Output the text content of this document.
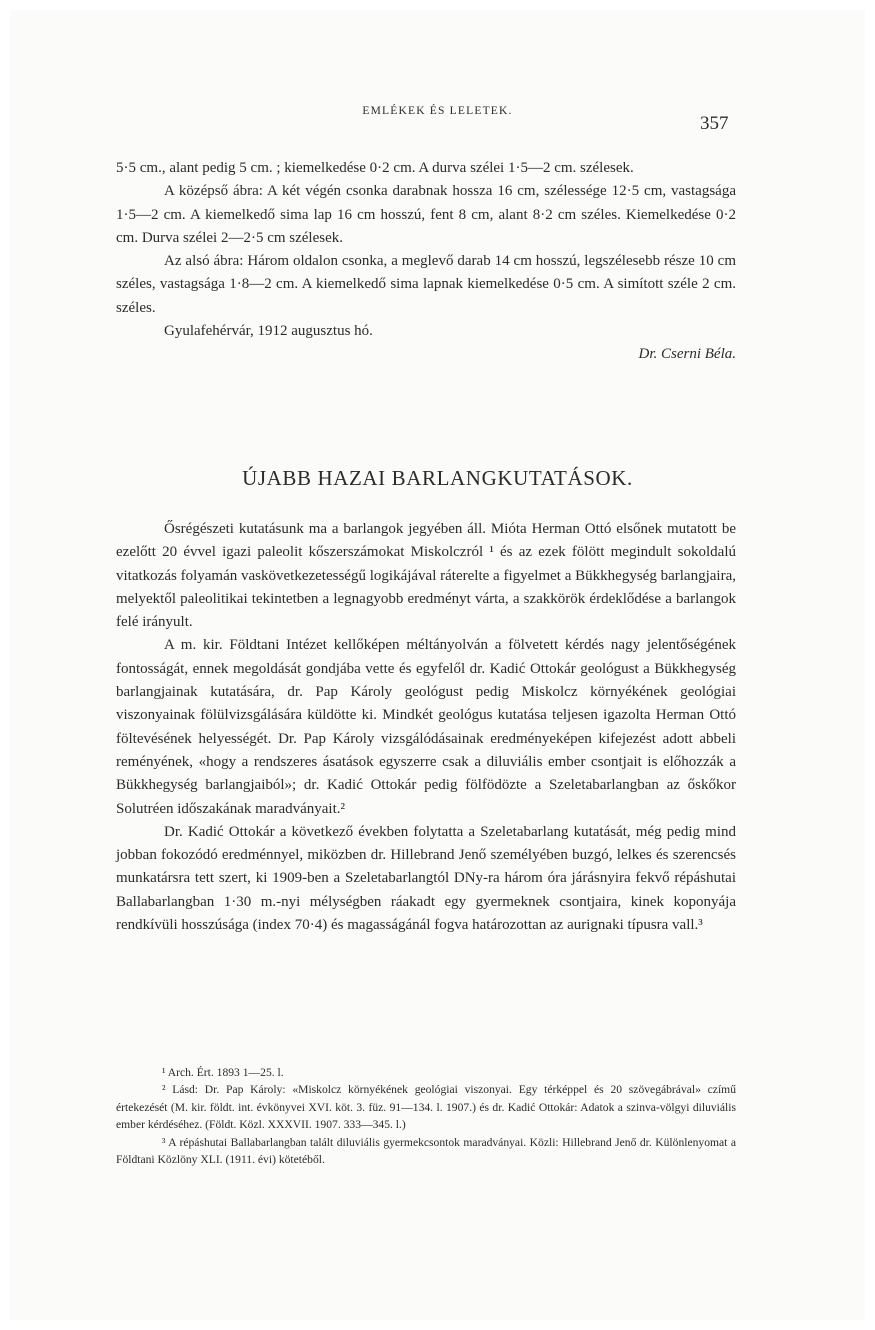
EMLÉKEK ÉS LELETEK.
357

5·5 cm., alant pedig 5 cm. ; kiemelkedése 0·2 cm. A durva szélei 1·5—2 cm. szélesek.

A középső ábra: A két végén csonka darabnak hossza 16 cm, szélessége 12·5 cm, vastagsága 1·5—2 cm. A kiemelkedő sima lap 16 cm hosszú, fent 8 cm, alant 8·2 cm széles. Kiemelkedése 0·2 cm. Durva szélei 2—2·5 cm szélesek.

Az alsó ábra: Három oldalon csonka, a meglevő darab 14 cm hosszú, legszélesebb része 10 cm széles, vastagsága 1·8—2 cm. A kiemelkedő sima lapnak kiemelkedése 0·5 cm. A simított széle 2 cm. széles.

Gyulafehérvár, 1912 augusztus hó.

Dr. Cserni Béla.

ÚJABB HAZAI BARLANGKUTATÁSOK.

Ősrégészeti kutatásunk ma a barlangok jegyében áll. Mióta Herman Ottó elsőnek mutatott be ezelőtt 20 évvel igazi paleolit kőszerszámokat Miskolczról ¹ és az ezek fölött megindult sokoldalú vitatkozás folyamán vaskövetkezetességű logikájával ráterelte a figyelmet a Bükkhegység barlangjaira, melyektől paleolitikai tekintetben a legnagyobb eredményt várta, a szakkörök érdeklődése a barlangok felé irányult.

A m. kir. Földtani Intézet kellőképen méltányolván a fölvetett kérdés nagy jelentőségének fontosságát, ennek megoldását gondjába vette és egyfelől dr. Kadić Ottokár geológust a Bükkhegység barlangjainak kutatására, dr. Pap Károly geológust pedig Miskolcz környékének geológiai viszonyainak fölülvizsgálására küldötte ki. Mindkét geológus kutatása teljesen igazolta Herman Ottó föltevésének helyességét. Dr. Pap Károly vizsgálódásainak eredményeképen kifejezést adott abbeli reményének, «hogy a rendszeres ásatások egyszerre csak a diluviális ember csontjait is előhozzák a Bükkhegység barlangjaiból»; dr. Kadić Ottokár pedig fölfödözte a Szeletabarlangban az őskőkor Solutréen időszakának maradványait.²

Dr. Kadić Ottokár a következő években folytatta a Szeletabarlang kutatását, még pedig mind jobban fokozódó eredménnyel, miközben dr. Hillebrand Jenő személyében buzgó, lelkes és szerencsés munkatársra tett szert, ki 1909-ben a Szeletabarlangtól DNy-ra három óra járásnyira fekvő répáshutai Ballabarlangban 1·30 m.-nyi mélységben ráakadt egy gyermeknek csontjaira, kinek koponyája rendkívüli hosszúsága (index 70·4) és magasságánál fogva határozottan az aurignaki típusra vall.³

¹ Arch. Ért. 1893 1—25. l.

² Lásd: Dr. Pap Károly: «Miskolcz környékének geológiai viszonyai. Egy térképpel és 20 szövegábrával» czímű értekezését (M. kir. földt. int. évkönyvei XVI. köt. 3. füz. 91—134. l. 1907.) és dr. Kadić Ottokár: Adatok a szinva-völgyi diluviális ember kérdéséhez. (Földt. Közl. XXXVII. 1907. 333—345. l.)

³ A répáshutai Ballabarlangban talált diluviális gyermekcsontok maradványai. Közli: Hillebrand Jenő dr. Különlenyomat a Földtani Közlöny XLI. (1911. évi) kötetéből.
